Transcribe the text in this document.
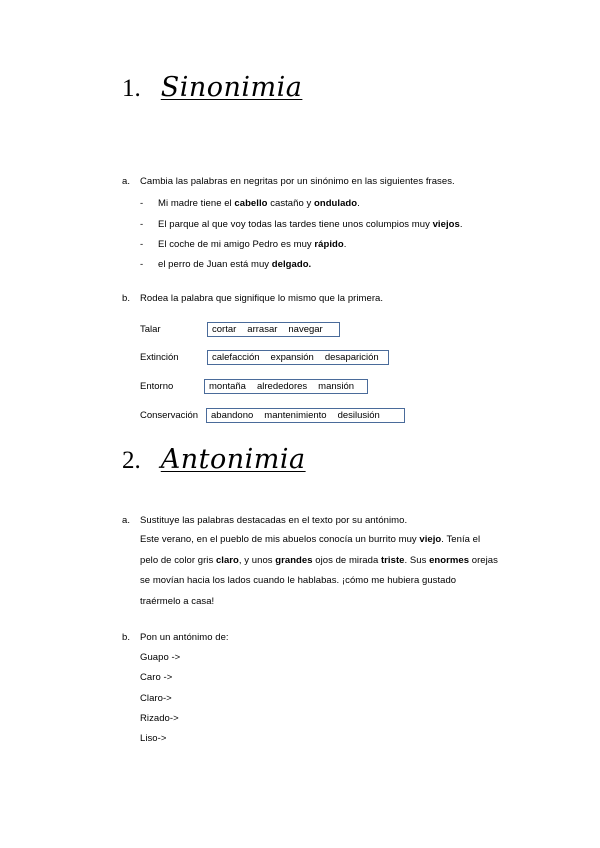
1. Sinonimia
a. Cambia las palabras en negritas por un sinónimo en las siguientes frases.
- Mi madre tiene el cabello castaño y ondulado.
- El parque al que voy todas las tardes tiene unos columpios muy viejos.
- El coche de mi amigo Pedro es muy rápido.
- el perro de Juan está muy delgado.
b. Rodea la palabra que signifique lo mismo que la primera.
Talar	cortar arrasar navegar
Extinción	calefacción expansión desaparición
Entorno	montaña alrededores mansión
Conservación	abandono mantenimiento desilusión
2. Antonimia
a. Sustituye las palabras destacadas en el texto por su antónimo.
Este verano, en el pueblo de mis abuelos conocía un burrito muy viejo. Tenía el
pelo de color gris claro, y unos grandes ojos de mirada triste. Sus enormes orejas
se movían hacia los lados cuando le hablabas. ¡cómo me hubiera gustado
traérmelo a casa!
b. Pon un antónimo de:
Guapo ->
Caro ->
Claro->
Rizado->
Liso->
